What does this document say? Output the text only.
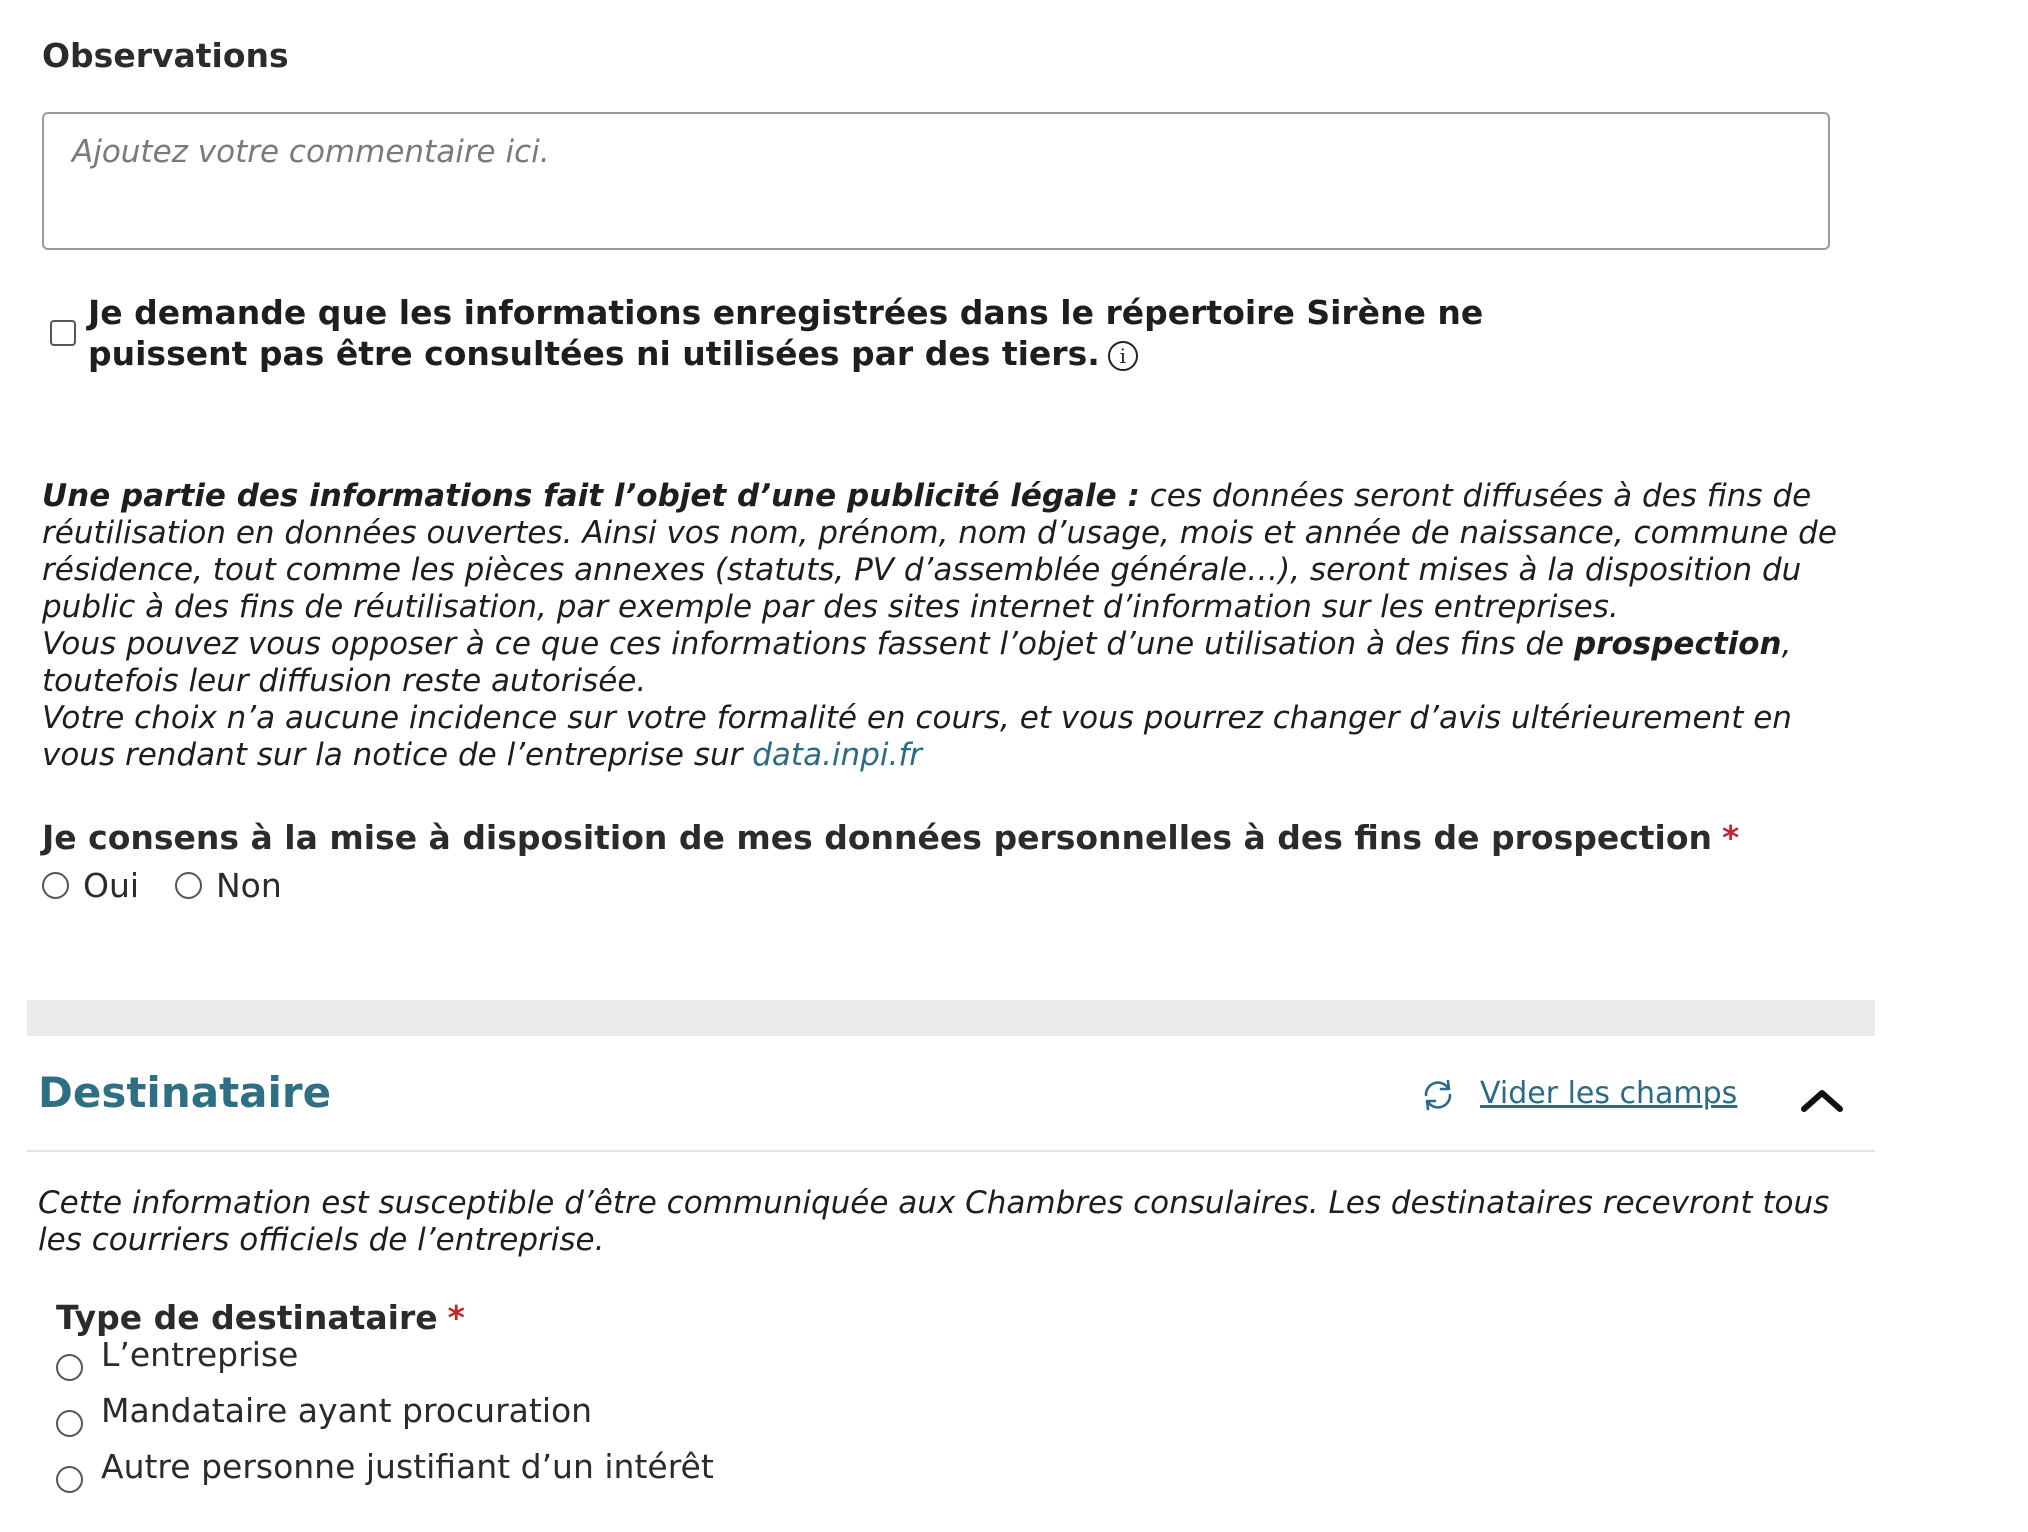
Observations
Ajoutez votre commentaire ici.
Je demande que les informations enregistrées dans le répertoire Sirène ne puissent pas être consultées ni utilisées par des tiers. i

Une partie des informations fait l’objet d’une publicité légale : ces données seront diffusées à des fins de réutilisation en données ouvertes. Ainsi vos nom, prénom, nom d’usage, mois et année de naissance, commune de résidence, tout comme les pièces annexes (statuts, PV d’assemblée générale…), seront mises à la disposition du public à des fins de réutilisation, par exemple par des sites internet d’information sur les entreprises.

Vous pouvez vous opposer à ce que ces informations fassent l’objet d’une utilisation à des fins de prospection, toutefois leur diffusion reste autorisée.

Votre choix n’a aucune incidence sur votre formalité en cours, et vous pourrez changer d’avis ultérieurement en vous rendant sur la notice de l’entreprise sur data.inpi.fr

Je consens à la mise à disposition de mes données personnelles à des fins de prospection *
Oui Non
Destinataire	Vider les champs
Cette information est susceptible d’être communiquée aux Chambres consulaires. Les destinataires recevront tous les courriers officiels de l’entreprise.
Type de destinataire *
L’entreprise
Mandataire ayant procuration
Autre personne justifiant d’un intérêt
